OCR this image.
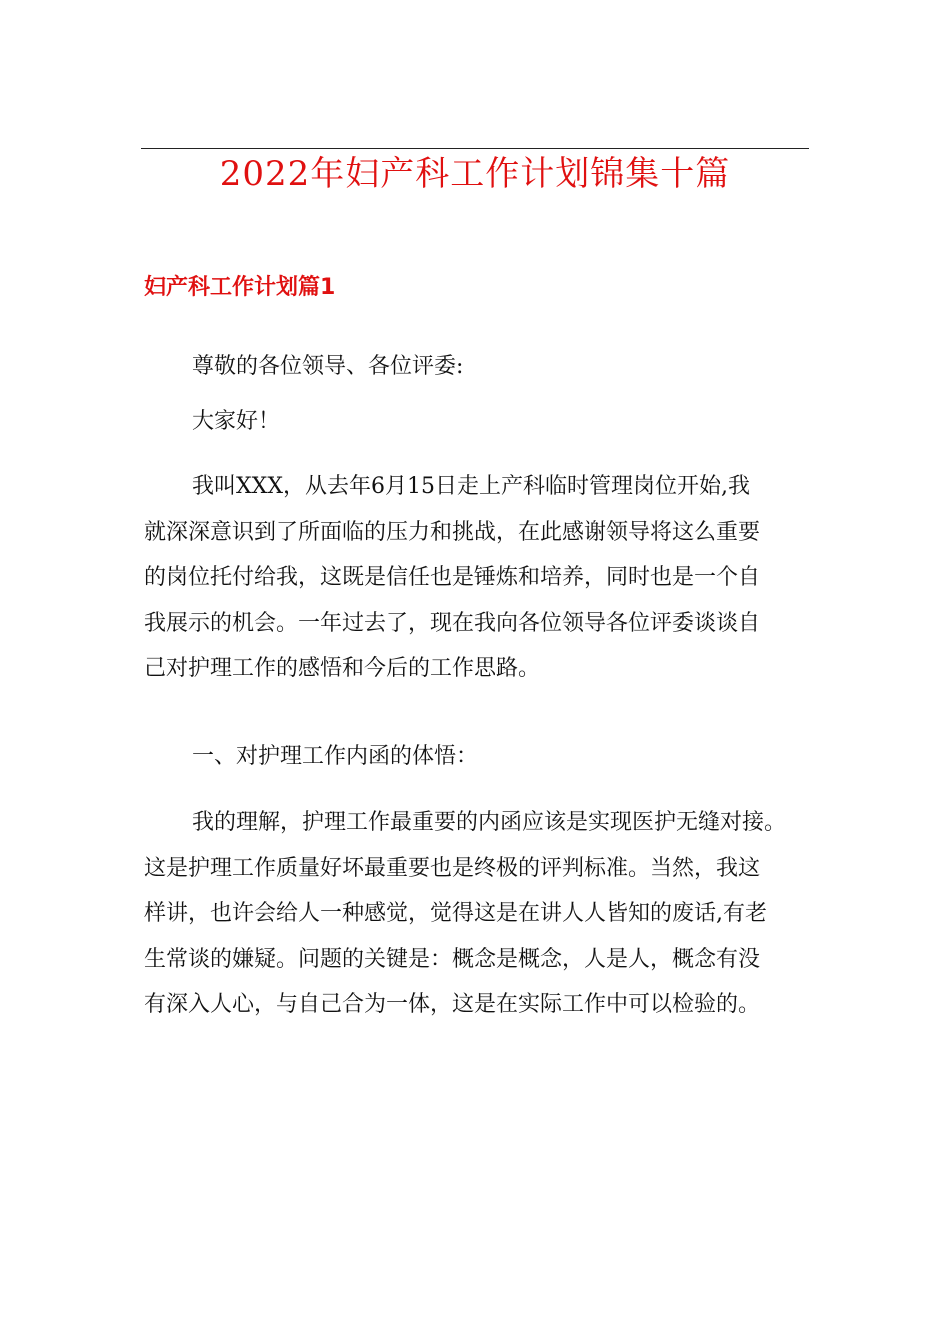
2022年妇产科工作计划锦集十篇
妇产科工作计划篇1
尊敬的各位领导、各位评委:
大家好！
我叫XXX，从去年6月15日走上产科临时管理岗位开始,我
就深深意识到了所面临的压力和挑战，在此感谢领导将这么重要
的岗位托付给我，这既是信任也是锤炼和培养，同时也是一个自
我展示的机会。一年过去了，现在我向各位领导各位评委谈谈自
己对护理工作的感悟和今后的工作思路。
一、对护理工作内函的体悟：
我的理解，护理工作最重要的内函应该是实现医护无缝对接。
这是护理工作质量好坏最重要也是终极的评判标准。当然，我这
样讲，也许会给人一种感觉，觉得这是在讲人人皆知的废话,有老
生常谈的嫌疑。问题的关键是：概念是概念，人是人，概念有没
有深入人心，与自己合为一体，这是在实际工作中可以检验的。
